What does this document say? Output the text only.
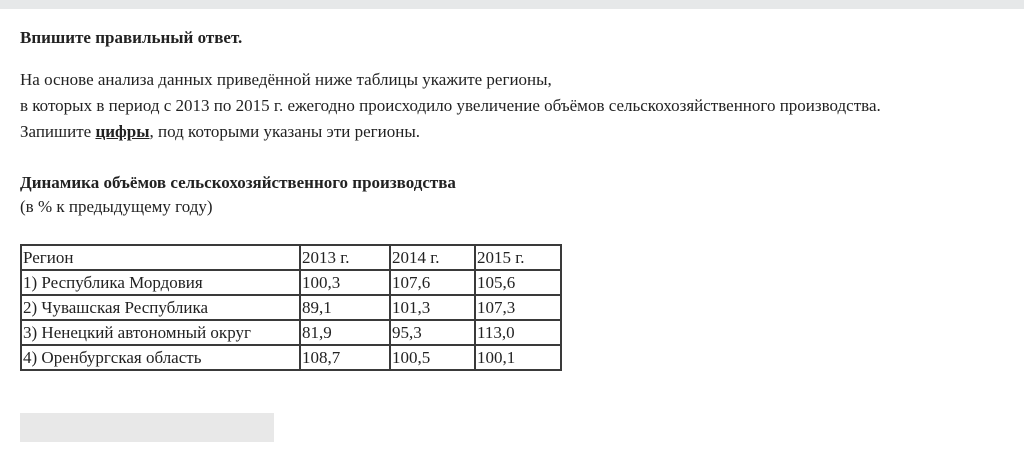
Впишите правильный ответ.

На основе анализа данных приведённой ниже таблицы укажите регионы,
в которых в период с 2013 по 2015 г. ежегодно происходило увеличение объёмов сельскохозяйственного производства.
Запишите цифры, под которыми указаны эти регионы.

Динамика объёмов сельскохозяйственного производства

(в % к предыдущему году)

Регион	2013 г.	2014 г.	2015 г.
1) Республика Мордовия	100,3	107,6	105,6
2) Чувашская Республика	89,1	101,3	107,3
3) Ненецкий автономный округ	81,9	95,3	113,0
4) Оренбургская область	108,7	100,5	100,1
